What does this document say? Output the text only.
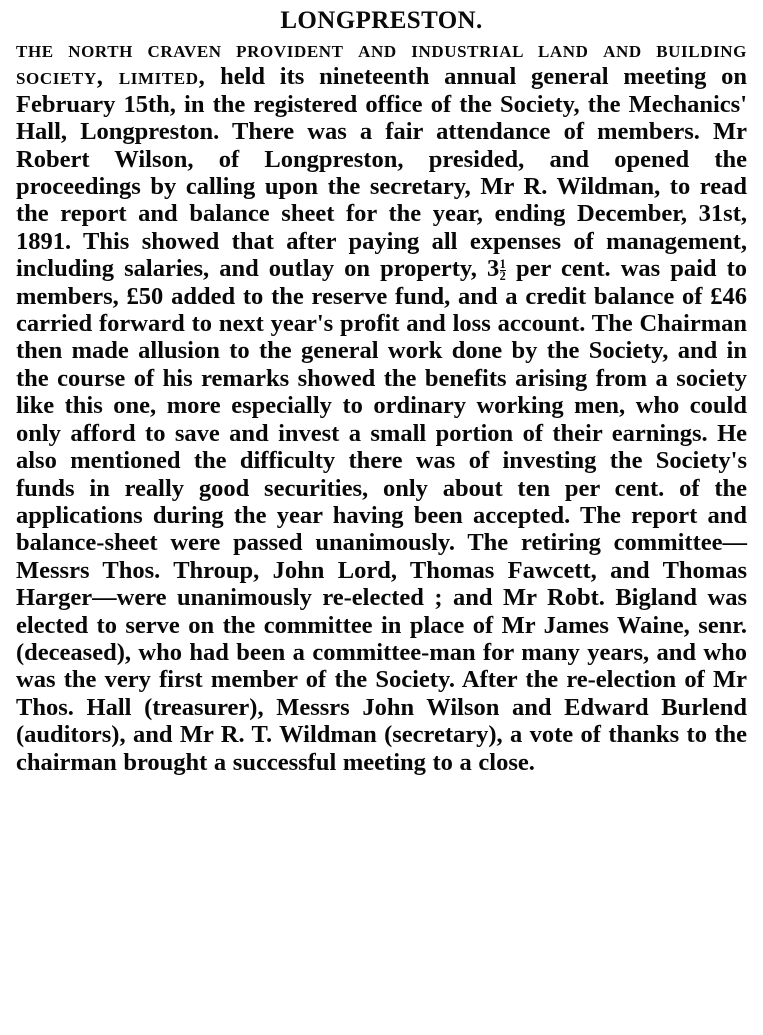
LONGPRESTON.

the north craven provident and industrial land and building society, limited, held its nineteenth annual general meeting on February 15th, in the registered office of the Society, the Mechanics' Hall, Longpreston. There was a fair attendance of members. Mr Robert Wilson, of Longpreston, presided, and opened the proceedings by calling upon the secretary, Mr R. Wildman, to read the report and balance sheet for the year, ending December, 31st, 1891. This showed that after paying all expenses of management, including salaries, and outlay on property, $3 \frac{1}{2}$ per cent. was paid to members, £50 added to the reserve fund, and a credit balance of £46 carried forward to next year's profit and loss account. The Chairman then made allusion to the general work done by the Society, and in the course of his remarks showed the benefits arising from a society like this one, more especially to ordinary working men, who could only afford to save and invest a small portion of their earnings. He also mentioned the difficulty there was of investing the Society's funds in really good securities, only about ten per cent. of the applications during the year having been accepted. The report and balance-sheet were passed unanimously. The retiring committee—Messrs Thos. Throup, John Lord, Thomas Fawcett, and Thomas Harger—were unanimously re-elected ; and Mr Robt. Bigland was elected to serve on the committee in place of Mr James Waine, senr. (deceased), who had been a committee-man for many years, and who was the very first member of the Society. After the re-election of Mr Thos. Hall (treasurer), Messrs John Wilson and Edward Burlend (auditors), and Mr R. T. Wildman (secretary), a vote of thanks to the chairman brought a successful meeting to a close.
